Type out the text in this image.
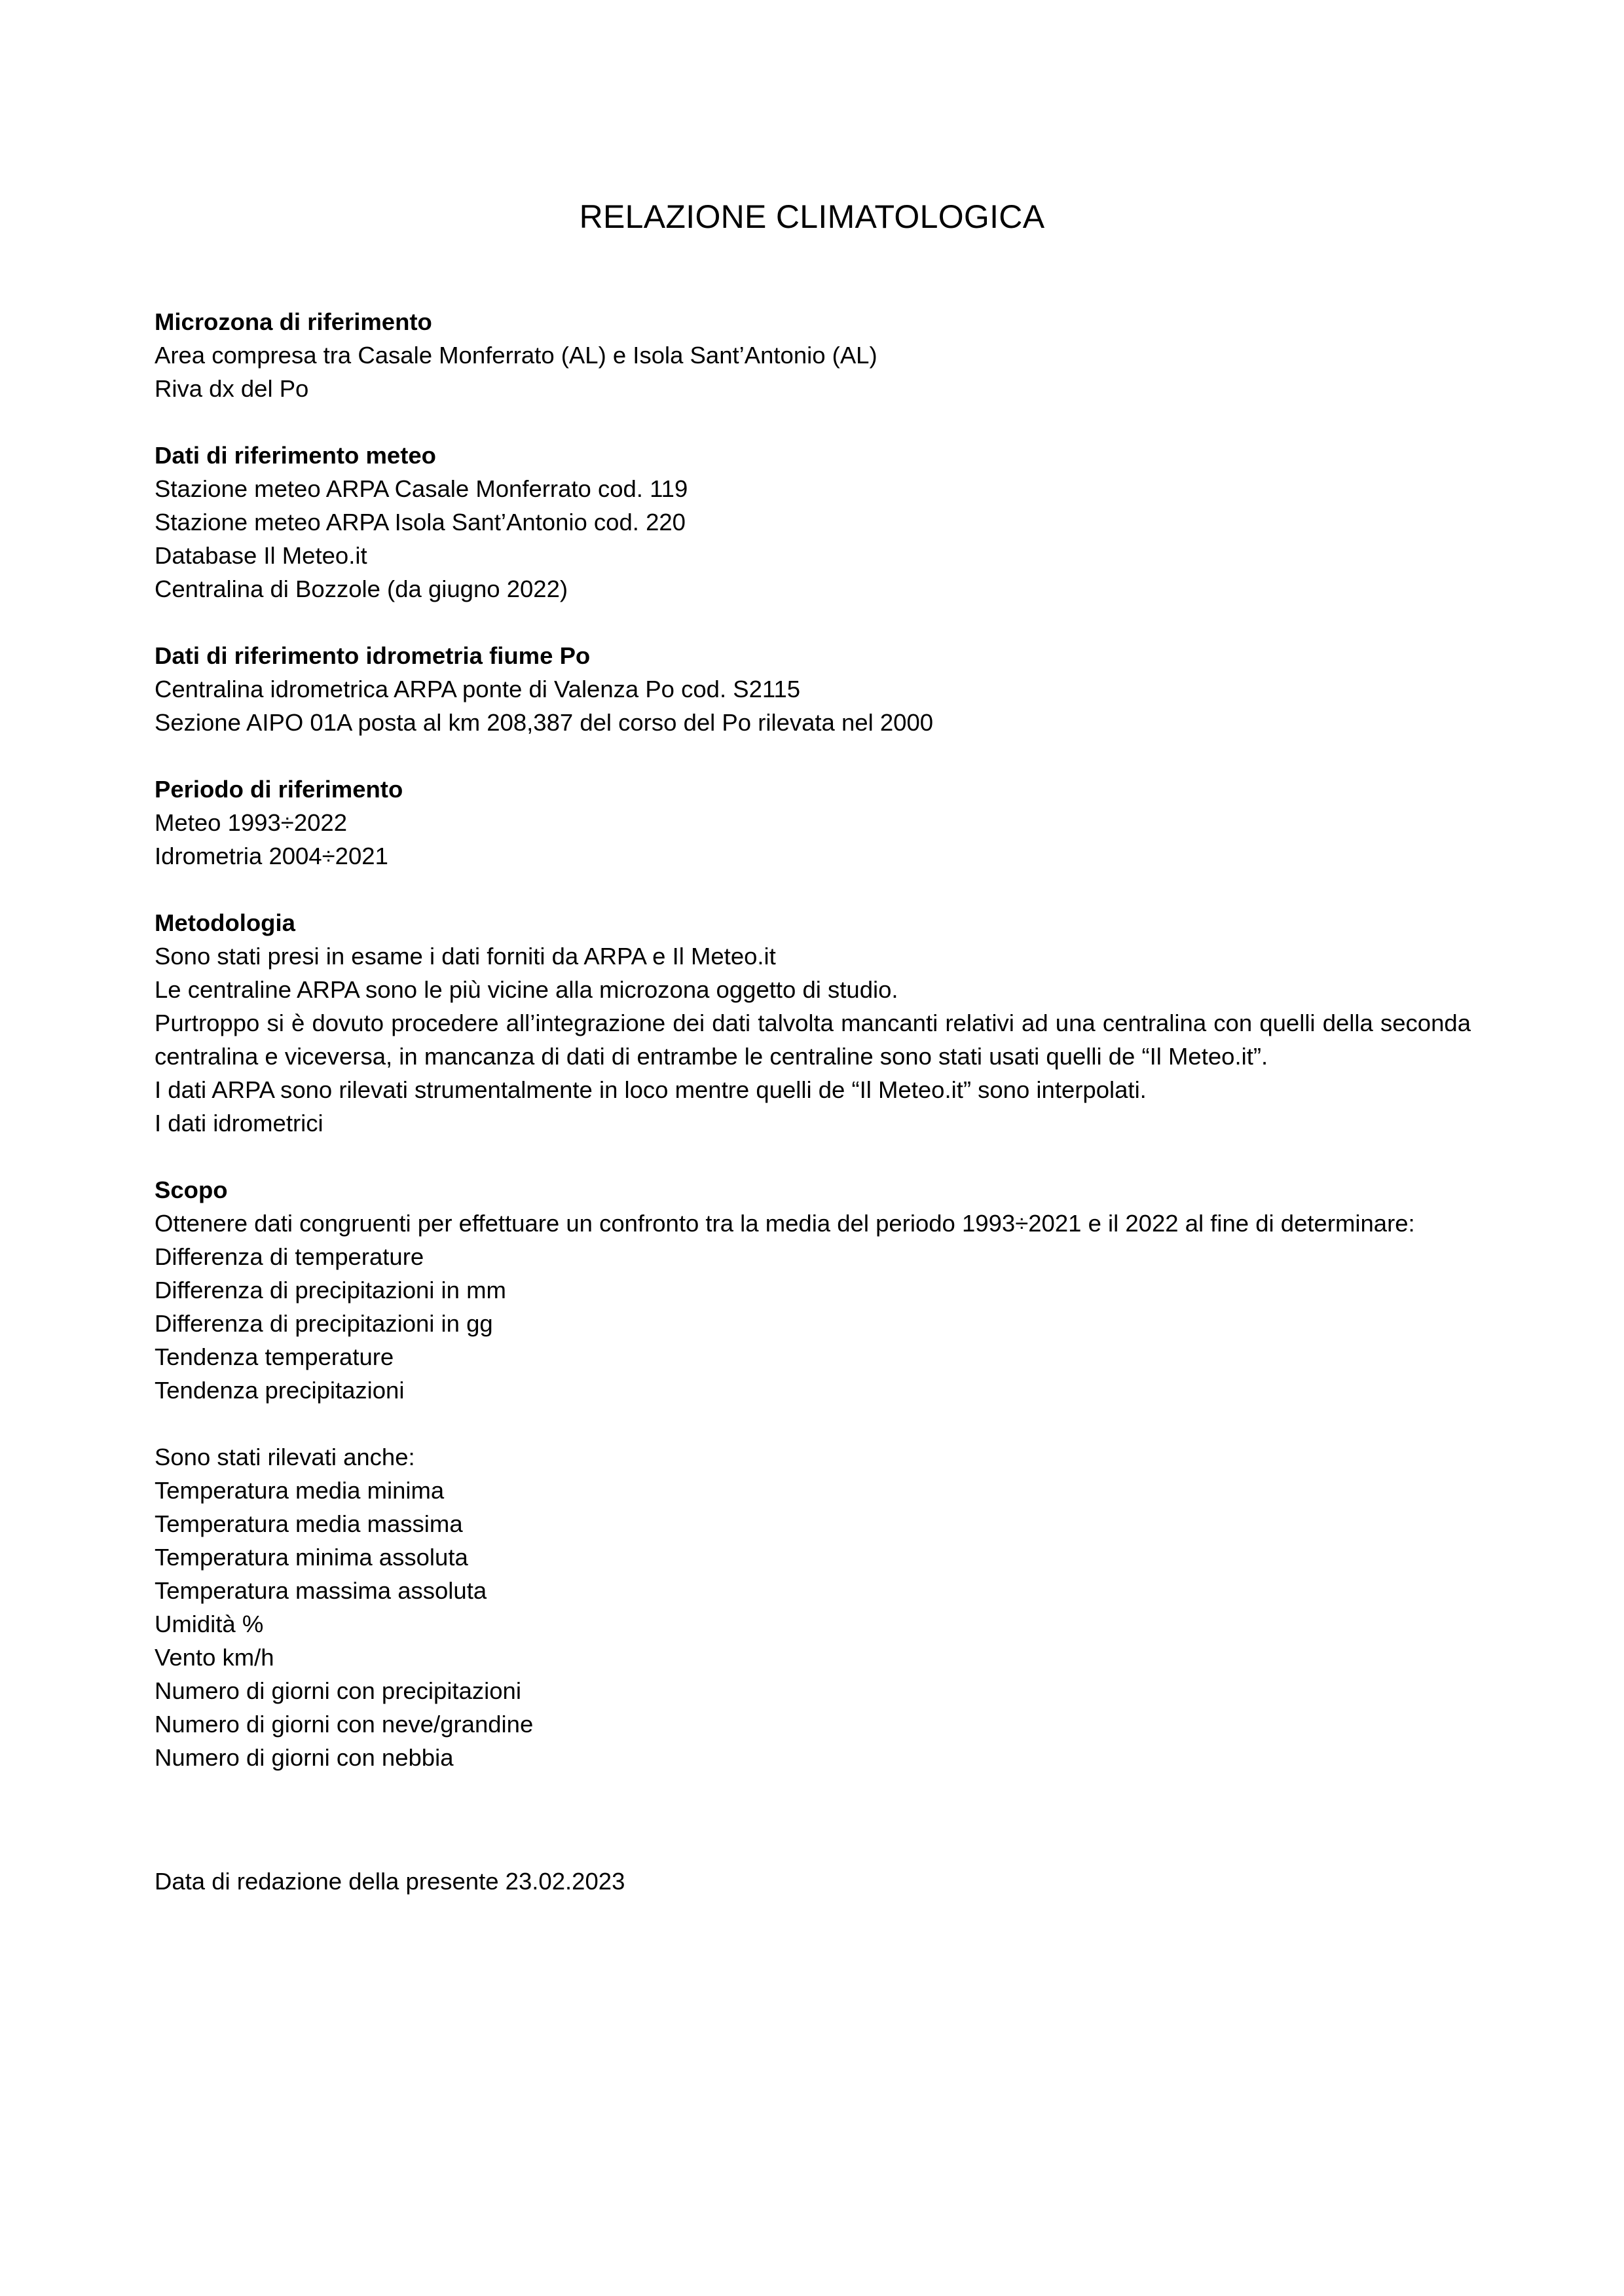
RELAZIONE CLIMATOLOGICA
Microzona di riferimento
Area compresa tra Casale Monferrato (AL) e Isola Sant’Antonio (AL)
Riva dx del Po
Dati di riferimento meteo
Stazione meteo ARPA Casale Monferrato cod. 119
Stazione meteo ARPA Isola Sant’Antonio cod. 220
Database Il Meteo.it
Centralina di Bozzole (da giugno 2022)
Dati di riferimento idrometria fiume Po
Centralina idrometrica ARPA ponte di Valenza Po cod. S2115
Sezione AIPO 01A posta al km 208,387 del corso del Po rilevata nel 2000
Periodo di riferimento
Meteo 1993÷2022
Idrometria 2004÷2021
Metodologia
Sono stati presi in esame i dati forniti da ARPA e Il Meteo.it
Le centraline ARPA sono le più vicine alla microzona oggetto di studio.
Purtroppo si è dovuto procedere all’integrazione dei dati talvolta mancanti relativi ad una centralina con quelli della seconda centralina e viceversa, in mancanza di dati di entrambe le centraline sono stati usati quelli de “Il Meteo.it”.
I dati ARPA sono rilevati strumentalmente in loco mentre quelli de “Il Meteo.it” sono interpolati.
I dati idrometrici
Scopo
Ottenere dati congruenti per effettuare un confronto tra la media del periodo 1993÷2021 e il 2022 al fine di determinare:
Differenza di temperature
Differenza di precipitazioni in mm
Differenza di precipitazioni in gg
Tendenza temperature
Tendenza precipitazioni
Sono stati rilevati anche:
Temperatura media minima
Temperatura media massima
Temperatura minima assoluta
Temperatura massima assoluta
Umidità %
Vento km/h
Numero di giorni con precipitazioni
Numero di giorni con neve/grandine
Numero di giorni con nebbia
Data di redazione della presente 23.02.2023
